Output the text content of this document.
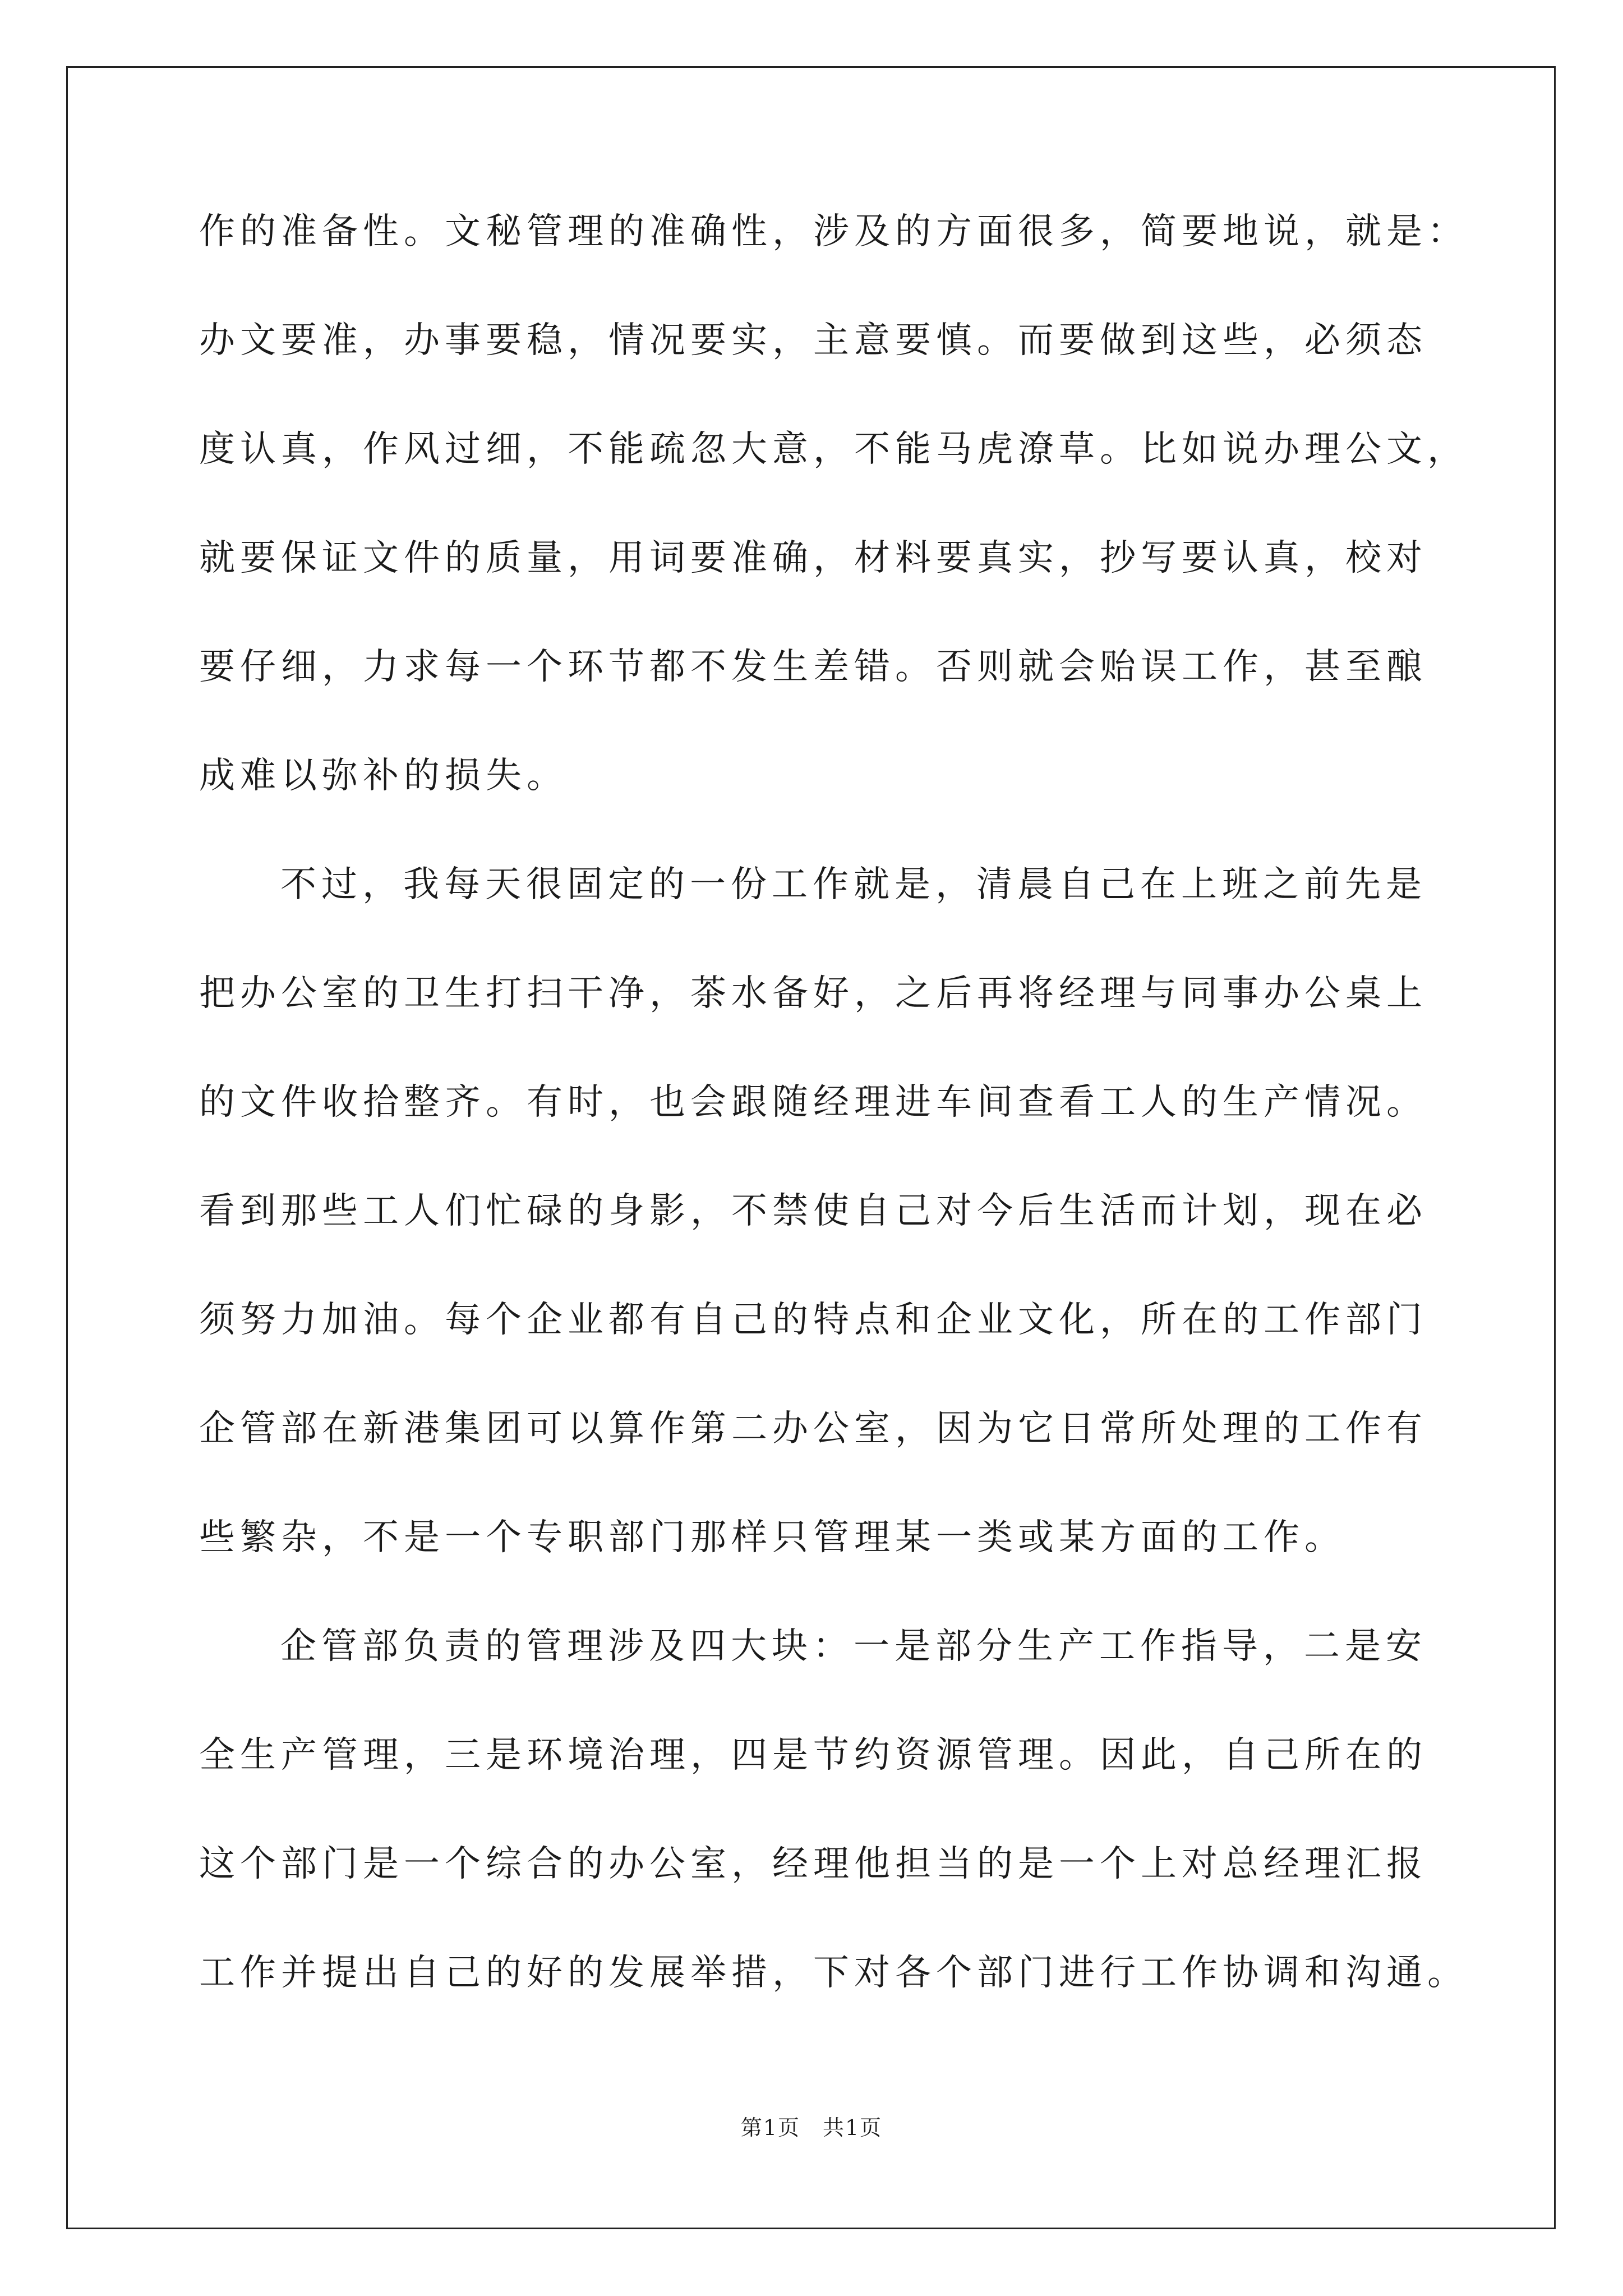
作的准备性。文秘管理的准确性，涉及的方面很多，简要地说，就是：
办文要准，办事要稳，情况要实，主意要慎。而要做到这些，必须态
度认真，作风过细，不能疏忽大意，不能马虎潦草。比如说办理公文，
就要保证文件的质量，用词要准确，材料要真实，抄写要认真，校对
要仔细，力求每一个环节都不发生差错。否则就会贻误工作，甚至酿
成难以弥补的损失。
不过，我每天很固定的一份工作就是，清晨自己在上班之前先是
把办公室的卫生打扫干净，茶水备好，之后再将经理与同事办公桌上
的文件收拾整齐。有时，也会跟随经理进车间查看工人的生产情况。
看到那些工人们忙碌的身影，不禁使自己对今后生活而计划，现在必
须努力加油。每个企业都有自己的特点和企业文化，所在的工作部门
企管部在新港集团可以算作第二办公室，因为它日常所处理的工作有
些繁杂，不是一个专职部门那样只管理某一类或某方面的工作。
企管部负责的管理涉及四大块：一是部分生产工作指导，二是安
全生产管理，三是环境治理，四是节约资源管理。因此，自己所在的
这个部门是一个综合的办公室，经理他担当的是一个上对总经理汇报
工作并提出自己的好的发展举措，下对各个部门进行工作协调和沟通。
第1页　共1页
